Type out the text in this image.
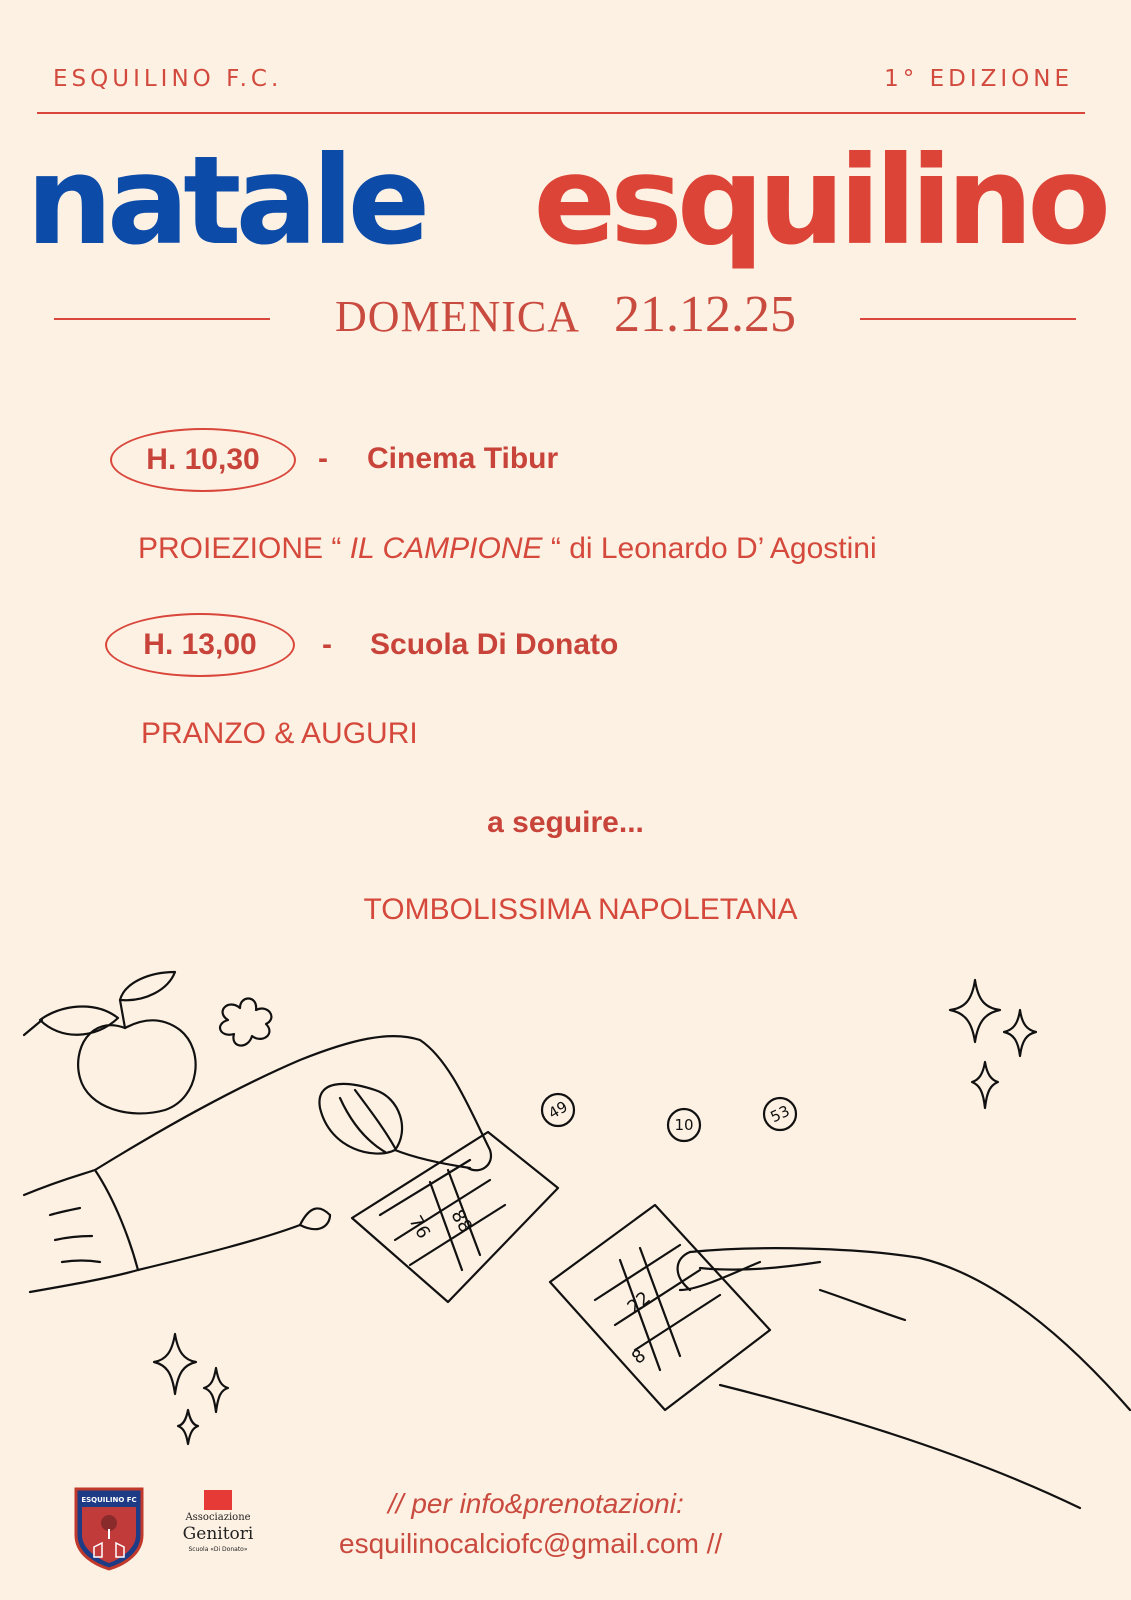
ESQUILINO F.C.	1° EDIZIONE
natale esquilino
DOMENICA 21.12.25
H. 10,30	- Cinema Tibur
PROIEZIONE “ IL CAMPIONE “ di Leonardo D’ Agostini
H. 13,00	- Scuola Di Donato
PRANZO & AUGURI
a seguire...
TOMBOLISSIMA NAPOLETANA
49
10	53
76 88
22
8
ESQUILINO FC
Associazione
Genitori
Scuola «Di Donato»
// per info&prenotazioni:
esquilinocalciofc@gmail.com //
